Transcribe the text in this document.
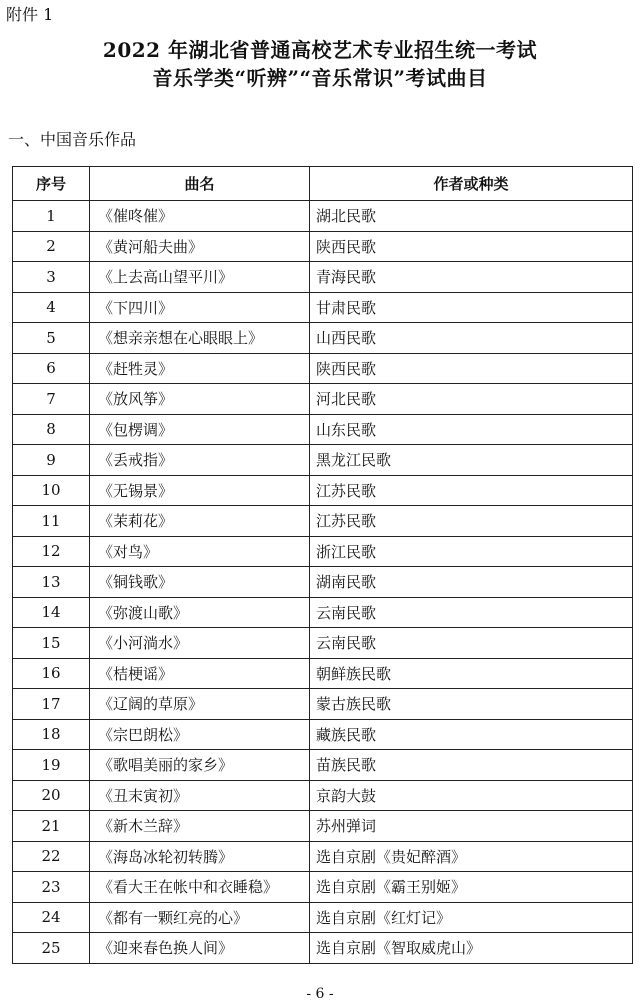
附件 1
2022 年湖北省普通高校艺术专业招生统一考试
音乐学类“听辨”“音乐常识”考试曲目
一、中国音乐作品
序号	曲名	作者或种类
1	《催咚催》	湖北民歌
2	《黄河船夫曲》	陕西民歌
3	《上去高山望平川》	青海民歌
4	《下四川》	甘肃民歌
5	《想亲亲想在心眼眼上》	山西民歌
6	《赶牲灵》	陕西民歌
7	《放风筝》	河北民歌
8	《包楞调》	山东民歌
9	《丢戒指》	黑龙江民歌
10	《无锡景》	江苏民歌
11	《茉莉花》	江苏民歌
12	《对鸟》	浙江民歌
13	《铜钱歌》	湖南民歌
14	《弥渡山歌》	云南民歌
15	《小河淌水》	云南民歌
16	《桔梗谣》	朝鲜族民歌
17	《辽阔的草原》	蒙古族民歌
18	《宗巴朗松》	藏族民歌
19	《歌唱美丽的家乡》	苗族民歌
20	《丑末寅初》	京韵大鼓
21	《新木兰辞》	苏州弹词
22	《海岛冰轮初转腾》	选自京剧《贵妃醉酒》
23	《看大王在帐中和衣睡稳》	选自京剧《霸王别姬》
24	《都有一颗红亮的心》	选自京剧《红灯记》
25	《迎来春色换人间》	选自京剧《智取威虎山》
- 6 -
